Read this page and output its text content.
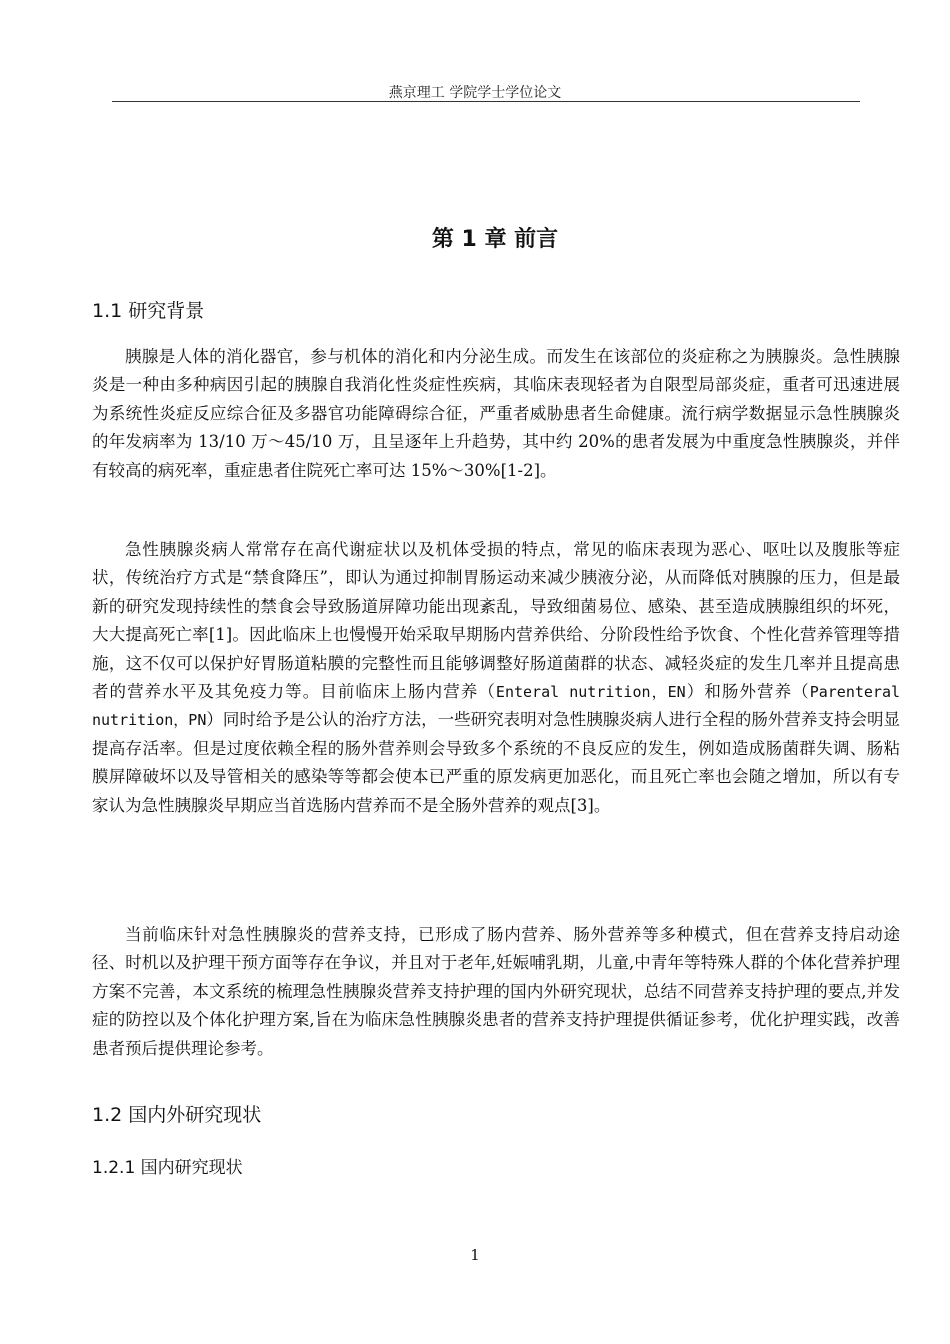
燕京理工 学院学士学位论文
第 1 章 前言
1.1 研究背景

胰腺是人体的消化器官，参与机体的消化和内分泌生成。而发生在该部位的炎症称之为胰腺炎。急性胰腺炎是一种由多种病因引起的胰腺自我消化性炎症性疾病，其临床表现轻者为自限型局部炎症，重者可迅速进展为系统性炎症反应综合征及多器官功能障碍综合征，严重者威胁患者生命健康。流行病学数据显示急性胰腺炎的年发病率为 13/10 万～45/10 万，且呈逐年上升趋势，其中约 20%的患者发展为中重度急性胰腺炎，并伴有较高的病死率，重症患者住院死亡率可达 15%～30%[1-2]。

急性胰腺炎病人常常存在高代谢症状以及机体受损的特点，常见的临床表现为恶心、呕吐以及腹胀等症状，传统治疗方式是“禁食降压”，即认为通过抑制胃肠运动来减少胰液分泌，从而降低对胰腺的压力，但是最新的研究发现持续性的禁食会导致肠道屏障功能出现紊乱，导致细菌易位、感染、甚至造成胰腺组织的坏死，大大提高死亡率[1]。因此临床上也慢慢开始采取早期肠内营养供给、分阶段性给予饮食、个性化营养管理等措施，这不仅可以保护好胃肠道粘膜的完整性而且能够调整好肠道菌群的状态、减轻炎症的发生几率并且提高患者的营养水平及其免疫力等。目前临床上肠内营养（Enteral nutrition，EN）和肠外营养（Parenteral nutrition，PN）同时给予是公认的治疗方法，一些研究表明对急性胰腺炎病人进行全程的肠外营养支持会明显提高存活率。但是过度依赖全程的肠外营养则会导致多个系统的不良反应的发生，例如造成肠菌群失调、肠粘膜屏障破坏以及导管相关的感染等等都会使本已严重的原发病更加恶化，而且死亡率也会随之增加，所以有专家认为急性胰腺炎早期应当首选肠内营养而不是全肠外营养的观点[3]。

当前临床针对急性胰腺炎的营养支持，已形成了肠内营养、肠外营养等多种模式，但在营养支持启动途径、时机以及护理干预方面等存在争议，并且对于老年,妊娠哺乳期，儿童,中青年等特殊人群的个体化营养护理方案不完善，本文系统的梳理急性胰腺炎营养支持护理的国内外研究现状，总结不同营养支持护理的要点,并发症的防控以及个体化护理方案,旨在为临床急性胰腺炎患者的营养支持护理提供循证参考，优化护理实践，改善患者预后提供理论参考。

1.2 国内外研究现状
1.2.1 国内研究现状
1
